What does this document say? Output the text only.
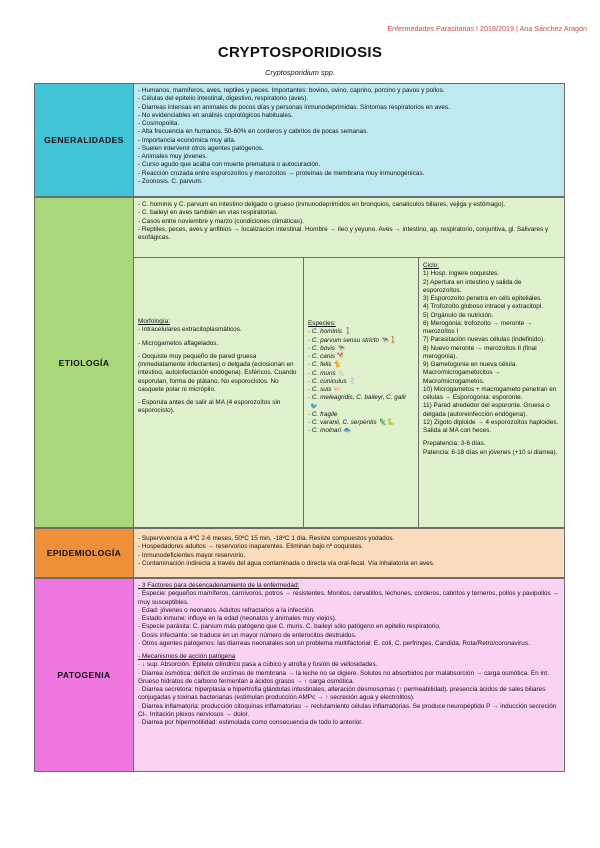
Enfermedades Parasitarias I 2018/2019 | Ana Sánchez Aragón
CRYPTOSPORIDIOSIS
Cryptosporidium spp.
GENERALIDADES
- Humanos, mamíferos, aves, reptiles y peces. Importantes: bovino, ovino, caprino, porcino y pavos y pollos.
- Células del epitelio intestinal, digestivo, respiratorio (aves).
- Diarreas intensas en animales de pocos días y personas inmunodeprimidas. Síntomas respiratorios en aves.
- No evidenciables en análisis coprológicos habituales.
- Cosmopolita.
- Alta frecuencia en humanos, 50-60% en corderos y cabritos de pocas semanas.
- Importancia económica muy alta.
- Suelen intervenir otros agentes patógenos.
- Animales muy jóvenes.
- Curso agudo que acaba con muerte prematura o autocuración.
- Reacción cruzada entre esporozoítos y merozoítos → proteínas de membrana muy inmunogénicas.
- Zoonosis. C. parvum.
ETIOLOGÍA
- C. hominis y C. parvum en intestino delgado o grueso (inmunodeprimidos en bronquios, canalículos biliares, vejiga y estómago).
- C. baileyi en aves también en vías respiratorias.
- Casos entre noviembre y marzo (condiciones climáticas).
- Reptiles, peces, aves y anfibios → localización intestinal. Hombre → íleo y yeyuno. Aves → intestino, ap. respiratorio, conjuntiva, gl. Salivares y esofágicas.
Morfología:
- Intracelulares extracitoplasmáticos.
- Microgametos aflagelados.
- Ooquiste muy pequeño de pared gruesa (inmediatamente infectantes) o delgada (eclosionan en intestino, autoinfectación endógena). Esféricos. Cuando esporulan, forma de plátano. No esporocistos. No casquete polar ni micrópilo.
- Esporula antes de salir al MA (4 esporozoítos sin esporocisto).
Especies:
· C. hominis 🚶
· C. parvum sensu stricto 🐄🚶
· C. bovis 🐄
· C. canis 🐕
· C. felis 🐈
· C. muris 🐁
· C. cuniculus 🐇
· C. suis 🐖
· C. meleagridis, C. baileyi, C. galli🐦
· C. fragile
· C. varanii, C. serpentis 🦎🐍
· C. molnari 🐟
Ciclo:
1) Hosp. ingiere ooquistes.
2) Apertura en intestino y salida de esporozoítos.
3) Esporozoíto penetra en céls epiteliales.
4) Trofozoíto globoso intracel y extracitopl.
5) Orgánulo de nutrición.
6) Merogonia: trofozoíto → meronte → merozoítos I
7) Parasitación nuevas células (indefinido).
8) Nuevo meronte → merozoítos II (final merogonia).
9) Gametogonia en nueva célula. Macro/microgametocitos → Macro/microgametos.
10) Microgametos + macrogameto penetran en células → Esporogonia: esporonte.
11) Pared alrededor del esporonte. Gruesa o delgada (autoreinfección endógena).
12) Zigoto diploide → 4 esporozoítos haploides. Salida al MA con heces.
Prepatencia: 3-6 días.
Patencia: 6-18 días en jóvenes (+10 si diarrea).
EPIDEMIOLOGÍA
- Supervivencia a 4ºC 2-6 meses, 50ºC 15 min, -18ºC 1 día. Resiste compuestos yodados.
- Hospedadores adultos → reservorios inaparentes. Eliminan bajo nº ooquistes.
- Inmunodeficientes mayor reservorio.
- Contaminación indirecta a través del agua contaminada o directa vía oral-fecal. Vía inhalatoria en aves.
PATOGENIA
- 3 Factores para desencadenamiento de la enfermedad:
· Especie: pequeños mamíferos, carnívoros, potros → resistentes. Monitos, cervatillos, lechones, corderos, cabritos y terneros, pollos y pavipollos → muy susceptibles.
· Edad: jóvenes o neonatos. Adultos refractarios a la infección.
· Estado inmune: influye en la edad (neonatos y animales muy viejos).
· Especie parásita: C. parvum más patógeno que C. muris. C. baileyi sólo patógeno en epitelio respiratorio.
· Dosis infectante: se traduce en un mayor número de enterocitos destruidos.
· Otros agentes patógenos: las diarreas neonatales son un problema multifactorial: E. coli, C. perfringes, Candida, Rota/Retro/coronavirus.
- Mecanismos de acción patógena
· ↓ sup. Absorción. Epitelio cilíndrico pasa a cúbico y atrofia y fusión de vellosidades.
· Diarrea osmótica: déficit de enzimas de membrana → la leche no se digiere. Solutos no absorbidos por malabsorción → carga osmótica. En int. Grueso hidratos de carbono fermentan a ácidos grasos → ↑ carga osmótica.
· Diarrea secretora: hiperplasia e hipertrofia glándulas intestinales, alteración desmosomas (↑ permeabilidad). presencia ácidos de sales biliares conjugadas y toxinas bacterianas (estimulan producción AMPc → ↑ secreción agua y electrolitos).
· Diarrea inflamatoria: producción citoquinas inflamatorias → reclutamiento células inflamatorias. Se produce neuropéptido P → inducción secreción Cl-. Irritación plexos nerviosos → dolor.
· Diarrea por hipermotilidad: estimulada como consecuencia de todo lo anterior.
